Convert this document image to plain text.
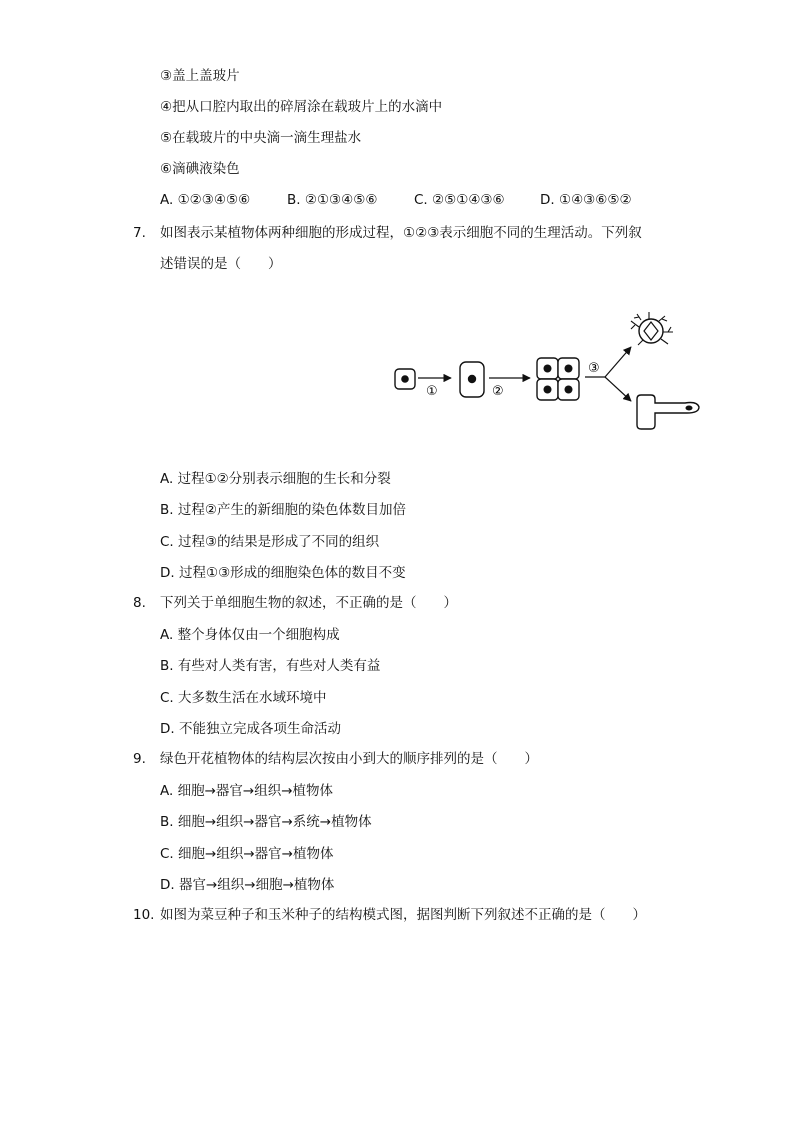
③盖上盖玻片
④把从口腔内取出的碎屑涂在载玻片上的水滴中
⑤在载玻片的中央滴一滴生理盐水
⑥滴碘液染色
A. ①②③④⑤⑥	B. ②①③④⑤⑥	C. ②⑤①④③⑥	D. ①④③⑥⑤②
7. 如图表示某植物体两种细胞的形成过程，①②③表示细胞不同的生理活动。下列叙
述错误的是（　　）
①	②
③
A. 过程①②分别表示细胞的生长和分裂
B. 过程②产生的新细胞的染色体数目加倍
C. 过程③的结果是形成了不同的组织
D. 过程①③形成的细胞染色体的数目不变
8. 下列关于单细胞生物的叙述，不正确的是（　　）
A. 整个身体仅由一个细胞构成
B. 有些对人类有害，有些对人类有益
C. 大多数生活在水域环境中
D. 不能独立完成各项生命活动
9. 绿色开花植物体的结构层次按由小到大的顺序排列的是（　　）
A. 细胞→器官→组织→植物体
B. 细胞→组织→器官→系统→植物体
C. 细胞→组织→器官→植物体
D. 器官→组织→细胞→植物体
10. 如图为菜豆种子和玉米种子的结构模式图，据图判断下列叙述不正确的是（　　）
